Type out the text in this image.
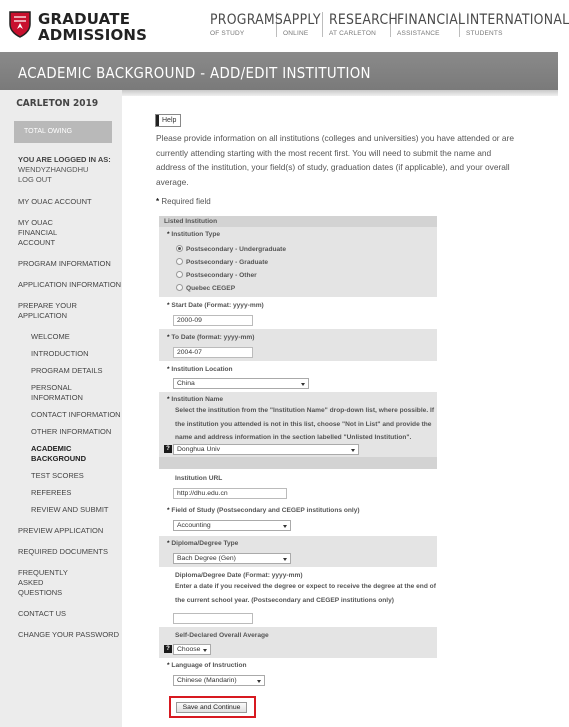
GRADUATE
ADMISSIONS
PROGRAMS
OF STUDY
APPLY
ONLINE
RESEARCH
AT CARLETON
FINANCIAL
ASSISTANCE
INTERNATIONAL
STUDENTS
ACADEMIC BACKGROUND - ADD/EDIT INSTITUTION
CARLETON 2019
TOTAL OWING
YOU ARE LOGGED IN AS:
WENDYZHANGDHU
LOG OUT
MY OUAC ACCOUNT
MY OUAC FINANCIAL ACCOUNT
PROGRAM INFORMATION
APPLICATION INFORMATION
PREPARE YOUR APPLICATION
WELCOME
INTRODUCTION
PROGRAM DETAILS
PERSONAL INFORMATION
CONTACT INFORMATION
OTHER INFORMATION
ACADEMIC BACKGROUND
TEST SCORES
REFEREES
REVIEW AND SUBMIT
PREVIEW APPLICATION
REQUIRED DOCUMENTS
FREQUENTLY ASKED QUESTIONS
CONTACT US
CHANGE YOUR PASSWORD
Help

Please provide information on all institutions (colleges and universities) you have attended or are currently attending starting with the most recent first. You will need to submit the name and address of the institution, your field(s) of study, graduation dates (if applicable), and your overall average.

* Required field
Listed Institution
* Institution Type
Postsecondary - Undergraduate
Postsecondary - Graduate
Postsecondary - Other
Quebec CEGEP
* Start Date (Format: yyyy-mm)
2000-09
* To Date (format: yyyy-mm)
2004-07
* Institution Location
China
* Institution Name
Select the institution from the "Institution Name" drop-down list, where possible. If the institution you attended is not in this list, choose "Not in List" and provide the name and address information in the section labelled "Unlisted Institution".
?	Donghua Univ
Institution URL
http://dhu.edu.cn
* Field of Study (Postsecondary and CEGEP institutions only)
Accounting
* Diploma/Degree Type
Bach Degree (Gen)
Diploma/Degree Date (Format: yyyy-mm)
Enter a date if you received the degree or expect to receive the degree at the end of the current school year. (Postsecondary and CEGEP institutions only)
Self-Declared Overall Average
?	Choose
* Language of Instruction
Chinese (Mandarin)
Save and Continue
